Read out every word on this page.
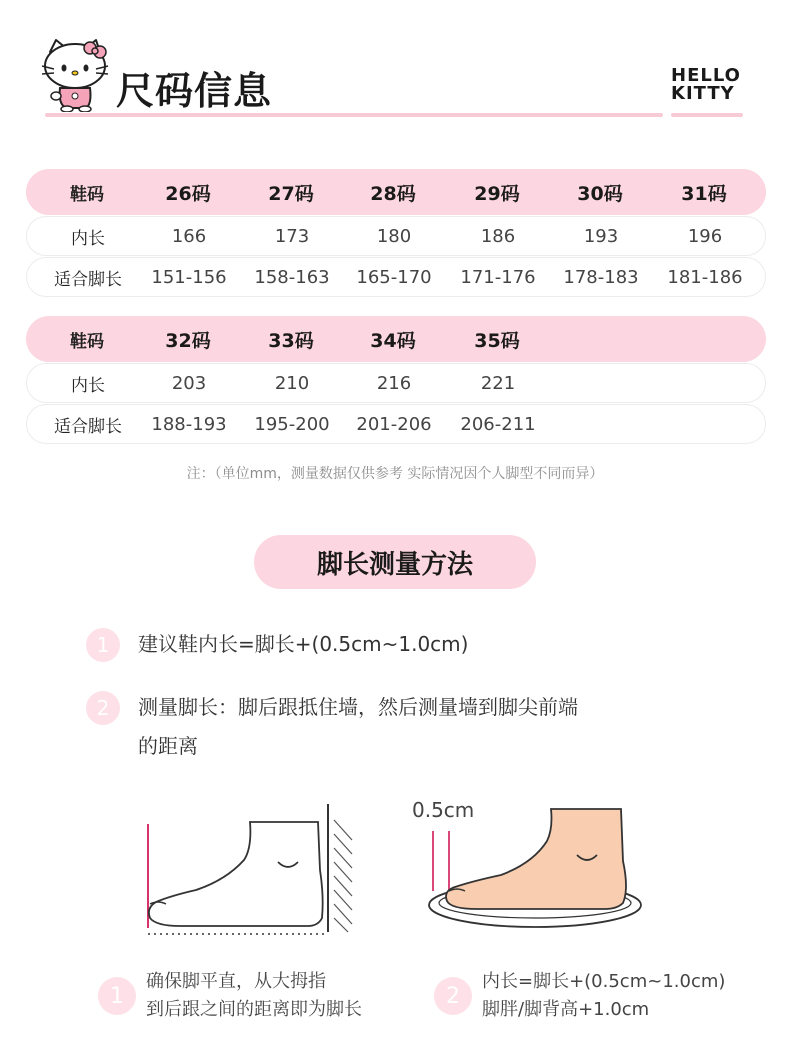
尺码信息	HELLO
KITTY
鞋码	26码	27码	28码	29码	30码	31码
内长	166	173	180	186	193	196
适合脚长	151-156	158-163	165-170	171-176	178-183	181-186
鞋码	32码	33码	34码	35码
内长	203	210	216	221
适合脚长	188-193	195-200	201-206	206-211
注：（单位mm，测量数据仅供参考 实际情况因个人脚型不同而异）
脚长测量方法
1	建议鞋内长=脚长+(0.5cm~1.0cm)
2	测量脚长：脚后跟抵住墙，然后测量墙到脚尖前端
的距离
0.5cm
1
确保脚平直，从大拇指
到后跟之间的距离即为脚长
2
内长=脚长+(0.5cm~1.0cm)
脚胖/脚背高+1.0cm
